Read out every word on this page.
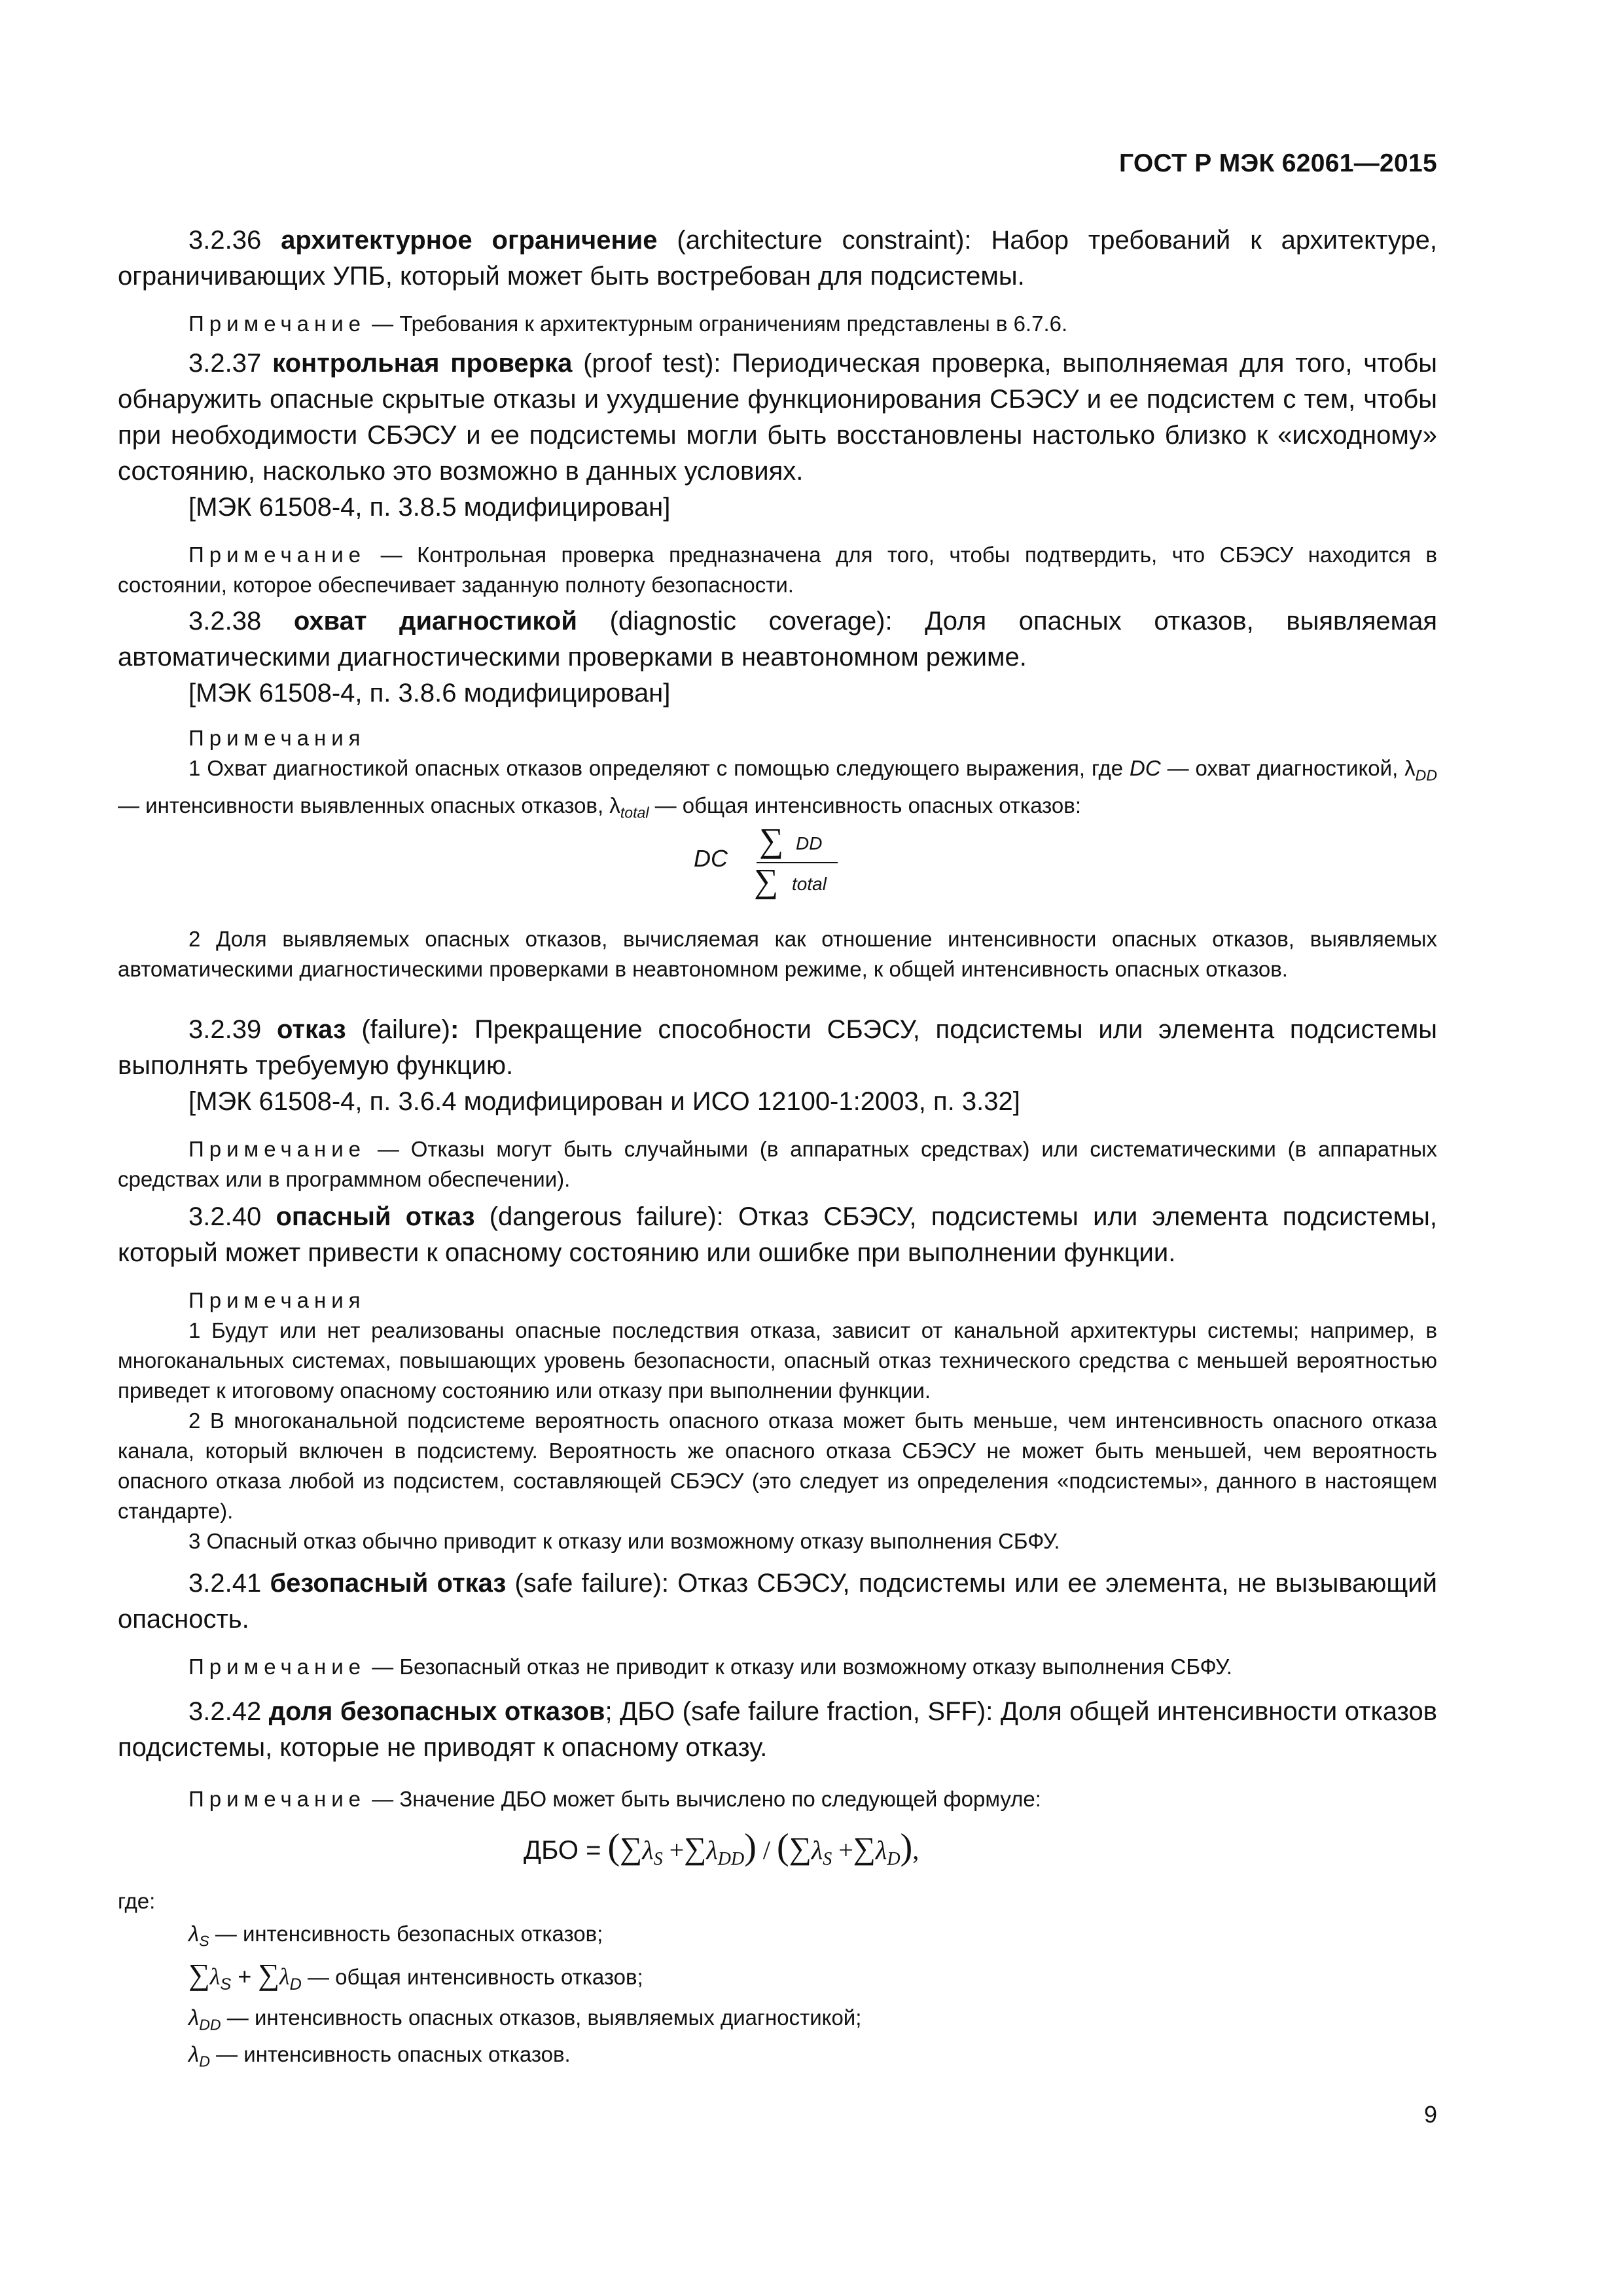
ГОСТ Р МЭК 62061—2015

3.2.36 архитектурное ограничение (architecture constraint): Набор требований к архитектуре, ограничивающих УПБ, который может быть востребован для подсистемы.

Примечание — Требования к архитектурным ограничениям представлены в 6.7.6.

3.2.37 контрольная проверка (proof test): Периодическая проверка, выполняемая для того, чтобы обнаружить опасные скрытые отказы и ухудшение функционирования СБЭСУ и ее подсистем с тем, чтобы при необходимости СБЭСУ и ее подсистемы могли быть восстановлены настолько близко к «исходному» состоянию, насколько это возможно в данных условиях.

[МЭК 61508-4, п. 3.8.5 модифицирован]

Примечание — Контрольная проверка предназначена для того, чтобы подтвердить, что СБЭСУ находится в состоянии, которое обеспечивает заданную полноту безопасности.

3.2.38 охват диагностикой (diagnostic coverage): Доля опасных отказов, выявляемая автоматическими диагностическими проверками в неавтономном режиме.

[МЭК 61508-4, п. 3.8.6 модифицирован]

Примечания

1 Охват диагностикой опасных отказов определяют с помощью следующего выражения, где DC — охват диагностикой, $\lambda_{DD}$ — интенсивности выявленных опасных отказов, $\lambda_{total}$ — общая интенсивность опасных отказов:

DC ∑ DD
∑ total

2 Доля выявляемых опасных отказов, вычисляемая как отношение интенсивности опасных отказов, выявляемых автоматическими диагностическими проверками в неавтономном режиме, к общей интенсивность опасных отказов.

3.2.39 отказ (failure): Прекращение способности СБЭСУ, подсистемы или элемента подсистемы выполнять требуемую функцию.

[МЭК 61508-4, п. 3.6.4 модифицирован и ИСО 12100-1:2003, п. 3.32]

Примечание — Отказы могут быть случайными (в аппаратных средствах) или систематическими (в аппаратных средствах или в программном обеспечении).

3.2.40 опасный отказ (dangerous failure): Отказ СБЭСУ, подсистемы или элемента подсистемы, который может привести к опасному состоянию или ошибке при выполнении функции.

Примечания

1 Будут или нет реализованы опасные последствия отказа, зависит от канальной архитектуры системы; например, в многоканальных системах, повышающих уровень безопасности, опасный отказ технического средства с меньшей вероятностью приведет к итоговому опасному состоянию или отказу при выполнении функции.

2 В многоканальной подсистеме вероятность опасного отказа может быть меньше, чем интенсивность опасного отказа канала, который включен в подсистему. Вероятность же опасного отказа СБЭСУ не может быть меньшей, чем вероятность опасного отказа любой из подсистем, составляющей СБЭСУ (это следует из определения «подсистемы», данного в настоящем стандарте).

3 Опасный отказ обычно приводит к отказу или возможному отказу выполнения СБФУ.

3.2.41 безопасный отказ (safe failure): Отказ СБЭСУ, подсистемы или ее элемента, не вызывающий опасность.

Примечание — Безопасный отказ не приводит к отказу или возможному отказу выполнения СБФУ.

3.2.42 доля безопасных отказов; ДБО (safe failure fraction, SFF): Доля общей интенсивности отказов подсистемы, которые не приводят к опасному отказу.

Примечание — Значение ДБО может быть вычислено по следующей формуле:

ДБО = $(\sum\lambda_S +\sum\lambda_{DD}) / (\sum\lambda_S +\sum\lambda_D)$,

где:

$\lambda_S$ — интенсивность безопасных отказов;

$\sum\lambda_S + \sum\lambda_D$ — общая интенсивность отказов;

$\lambda_{DD}$ — интенсивность опасных отказов, выявляемых диагностикой;

$\lambda_D$ — интенсивность опасных отказов.

9
